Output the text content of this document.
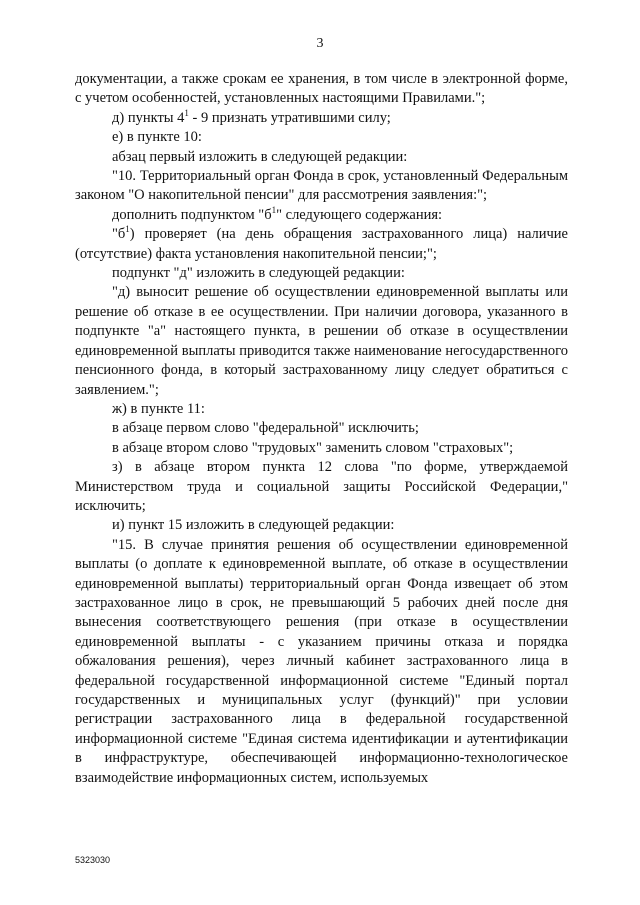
3

документации, а также срокам ее хранения, в том числе в электронной форме, с учетом особенностей, установленных настоящими Правилами.";

д) пункты $4^1 - 9$ признать утратившими силу;

е) в пункте 10:

абзац первый изложить в следующей редакции:

"10. Территориальный орган Фонда в срок, установленный Федеральным законом "О накопительной пенсии" для рассмотрения заявления:";

дополнить подпунктом "$б^1$" следующего содержания:

"$б^1$) проверяет (на день обращения застрахованного лица) наличие (отсутствие) факта установления накопительной пенсии;";

подпункт "д" изложить в следующей редакции:

"д) выносит решение об осуществлении единовременной выплаты или решение об отказе в ее осуществлении. При наличии договора, указанного в подпункте "а" настоящего пункта, в решении об отказе в осуществлении единовременной выплаты приводится также наименование негосударственного пенсионного фонда, в который застрахованному лицу следует обратиться с заявлением.";

ж) в пункте 11:

в абзаце первом слово "федеральной" исключить;

в абзаце втором слово "трудовых" заменить словом "страховых";

з) в абзаце втором пункта 12 слова "по форме, утверждаемой Министерством труда и социальной защиты Российской Федерации," исключить;

и) пункт 15 изложить в следующей редакции:

"15. В случае принятия решения об осуществлении единовременной выплаты (о доплате к единовременной выплате, об отказе в осуществлении единовременной выплаты) территориальный орган Фонда извещает об этом застрахованное лицо в срок, не превышающий 5 рабочих дней после дня вынесения соответствующего решения (при отказе в осуществлении единовременной выплаты - с указанием причины отказа и порядка обжалования решения), через личный кабинет застрахованного лица в федеральной государственной информационной системе "Единый портал государственных и муниципальных услуг (функций)" при условии регистрации застрахованного лица в федеральной государственной информационной системе "Единая система идентификации и аутентификации в инфраструктуре, обеспечивающей информационно-технологическое взаимодействие информационных систем, используемых

5323030
